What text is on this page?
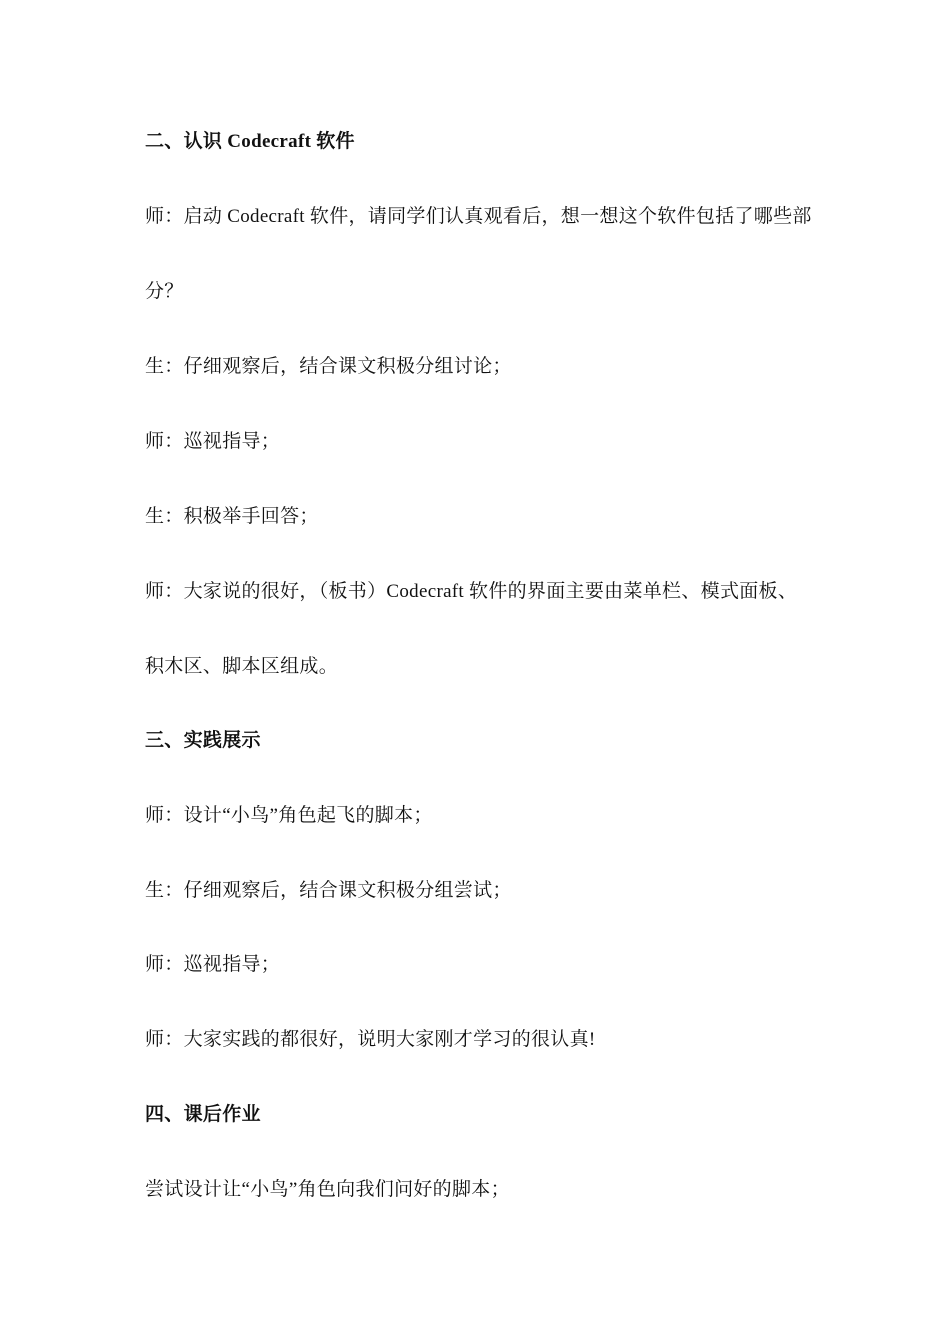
二、认识 Codecraft 软件
师：启动 Codecraft 软件，请同学们认真观看后，想一想这个软件包括了哪些部
分？
生：仔细观察后，结合课文积极分组讨论；
师：巡视指导；
生：积极举手回答；
师：大家说的很好，（板书）Codecraft 软件的界面主要由菜单栏、模式面板、
积木区、脚本区组成。
三、实践展示
师：设计“小鸟”角色起飞的脚本；
生：仔细观察后，结合课文积极分组尝试；
师：巡视指导；
师：大家实践的都很好，说明大家刚才学习的很认真!
四、课后作业
尝试设计让“小鸟”角色向我们问好的脚本；
